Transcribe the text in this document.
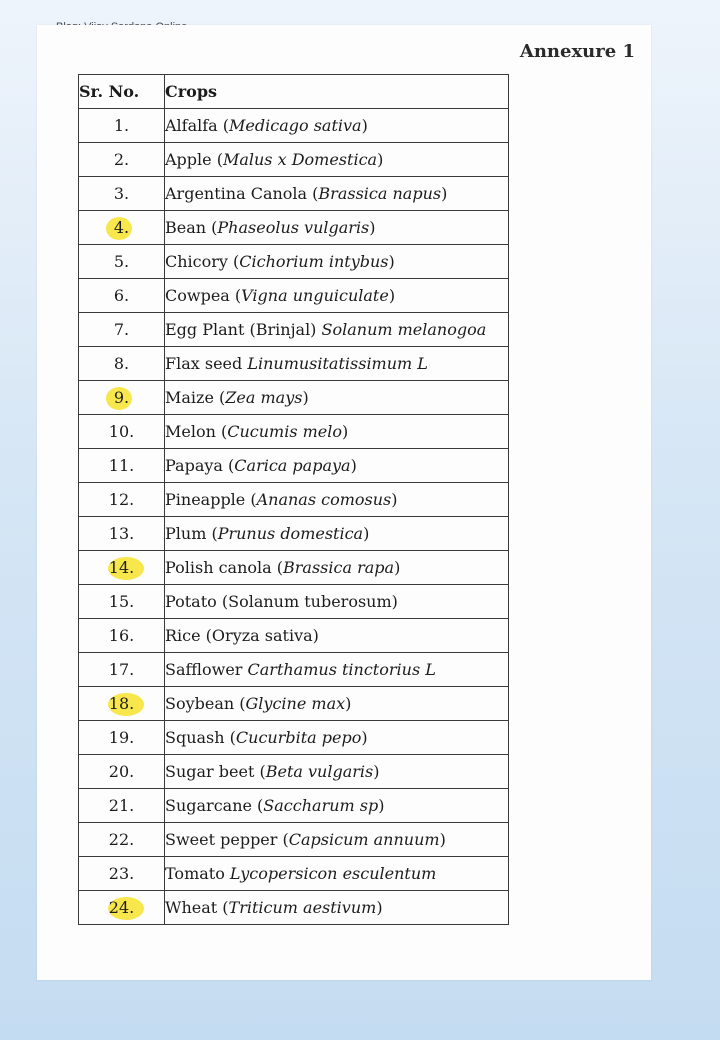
Annexure 1
Sr. No.	Crops
1.	Alfalfa (Medicago sativa)
2.	Apple (Malus x Domestica)
3.	Argentina Canola (Brassica napus)

4.	Bean (Phaseolus vulgaris)
5.	Chicory (Cichorium intybus)
6.	Cowpea (Vigna unguiculate)
7.	Egg Plant (Brinjal) Solanum melanogoa
8.	Flax seed Linumusitatissimum L

9.	Maize (Zea mays)
10.	Melon (Cucumis melo)
11.	Papaya (Carica papaya)
12.	Pineapple (Ananas comosus)
13.	Plum (Prunus domestica)

14.	Polish canola (Brassica rapa)
15.	Potato (Solanum tuberosum)
16.	Rice (Oryza sativa)
17.	Safflower Carthamus tinctorius L

18.	Soybean (Glycine max)
19.	Squash (Cucurbita pepo)
20.	Sugar beet (Beta vulgaris)
21.	Sugarcane (Saccharum sp)
22.	Sweet pepper (Capsicum annuum)
23.	Tomato Lycopersicon esculentum

24.	Wheat (Triticum aestivum)
